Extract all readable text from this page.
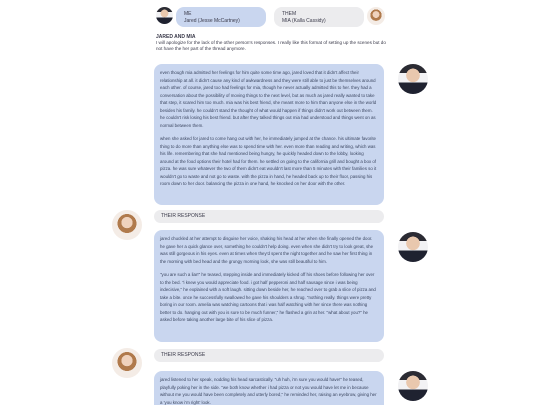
ME
Jared (Jesse McCartney)
THEM
MIA (Kalla Cassidy)
JARED AND MIA
I will apologize for the lack of the other person's responses. I really like this format of setting up the scenes but do not have the her part of the thread anymore.

even though mia admitted her feelings for him quite some time ago, jared loved that it didn't affect their relationship at all. it didn't cause any kind of awkwardness and they were still able to just be themselves around each other. of course, jared too had feelings for mia, though he never actually admitted this to her. they had a conversation about the possibility of moving things to the next level, but as much as jared really wanted to take that step, it scared him too much. mia was his best friend, she meant more to him than anyone else in the world besides his family. he couldn't stand the thought of what would happen if things didn't work out between them. he couldn't risk losing his best friend. but after they talked things out mia had understood and things went on as normal between them.

when she asked for jared to come hang out with her, he immediately jumped at the chance. his ultimate favorite thing to do more than anything else was to spend time with her. even more than reading and writing, which was his life. remembering that she had mentioned being hungry, he quickly headed down to the lobby, looking around at the food options their hotel had for them. he settled on going to the california grill and bought a box of pizza. he was sure whatever the two of them didn't eat wouldn't last more than 5 minutes with their families so it wouldn't go to waste and not go to waste. with the pizza in hand, he headed back up to their floor, passing his room down to her door. balancing the pizza in one hand, he knocked on her door with the other.

THEIR RESPONSE

jared chuckled at her attempt to disguise her voice, shaking his head at her when she finally opened the door. he gave her a quick glance over, something he couldn't help doing. even when she didn't try to look great, she was still gorgeous in his eyes. even at times when they'd spent the night together and he saw her first thing in the morning with bed head and the grungy morning look, she was still beautiful to him.

"you are such a liar!" he teased, stepping inside and immediately kicked off his shoes before following her over to the bed. "i knew you would appreciate food. i got half pepperoni and half sausage since i was being indecisive," he explained with a soft laugh. sitting down beside her, he reached over to grab a slice of pizza and take a bite. once he successfully swallowed he gave his shoulders a shrug. "nothing really. things were pretty boring in our room. amelia was watching cartoons that i was half watching with her since there was nothing better to do. hanging out with you is sure to be much funner," he flashed a grin at her. "what about you?" he asked before taking another large bite of his slice of pizza.

THEIR RESPONSE

jared listened to her speak, nodding his head sarcastically. "uh huh, i'm sure you would have!" he teased, playfully poking her in the side. "we both know whether i had pizza or not you would have let me in because without me you would have been completely and utterly bored," he reminded her, raising an eyebrow, giving her a 'you know i'm right' look.
